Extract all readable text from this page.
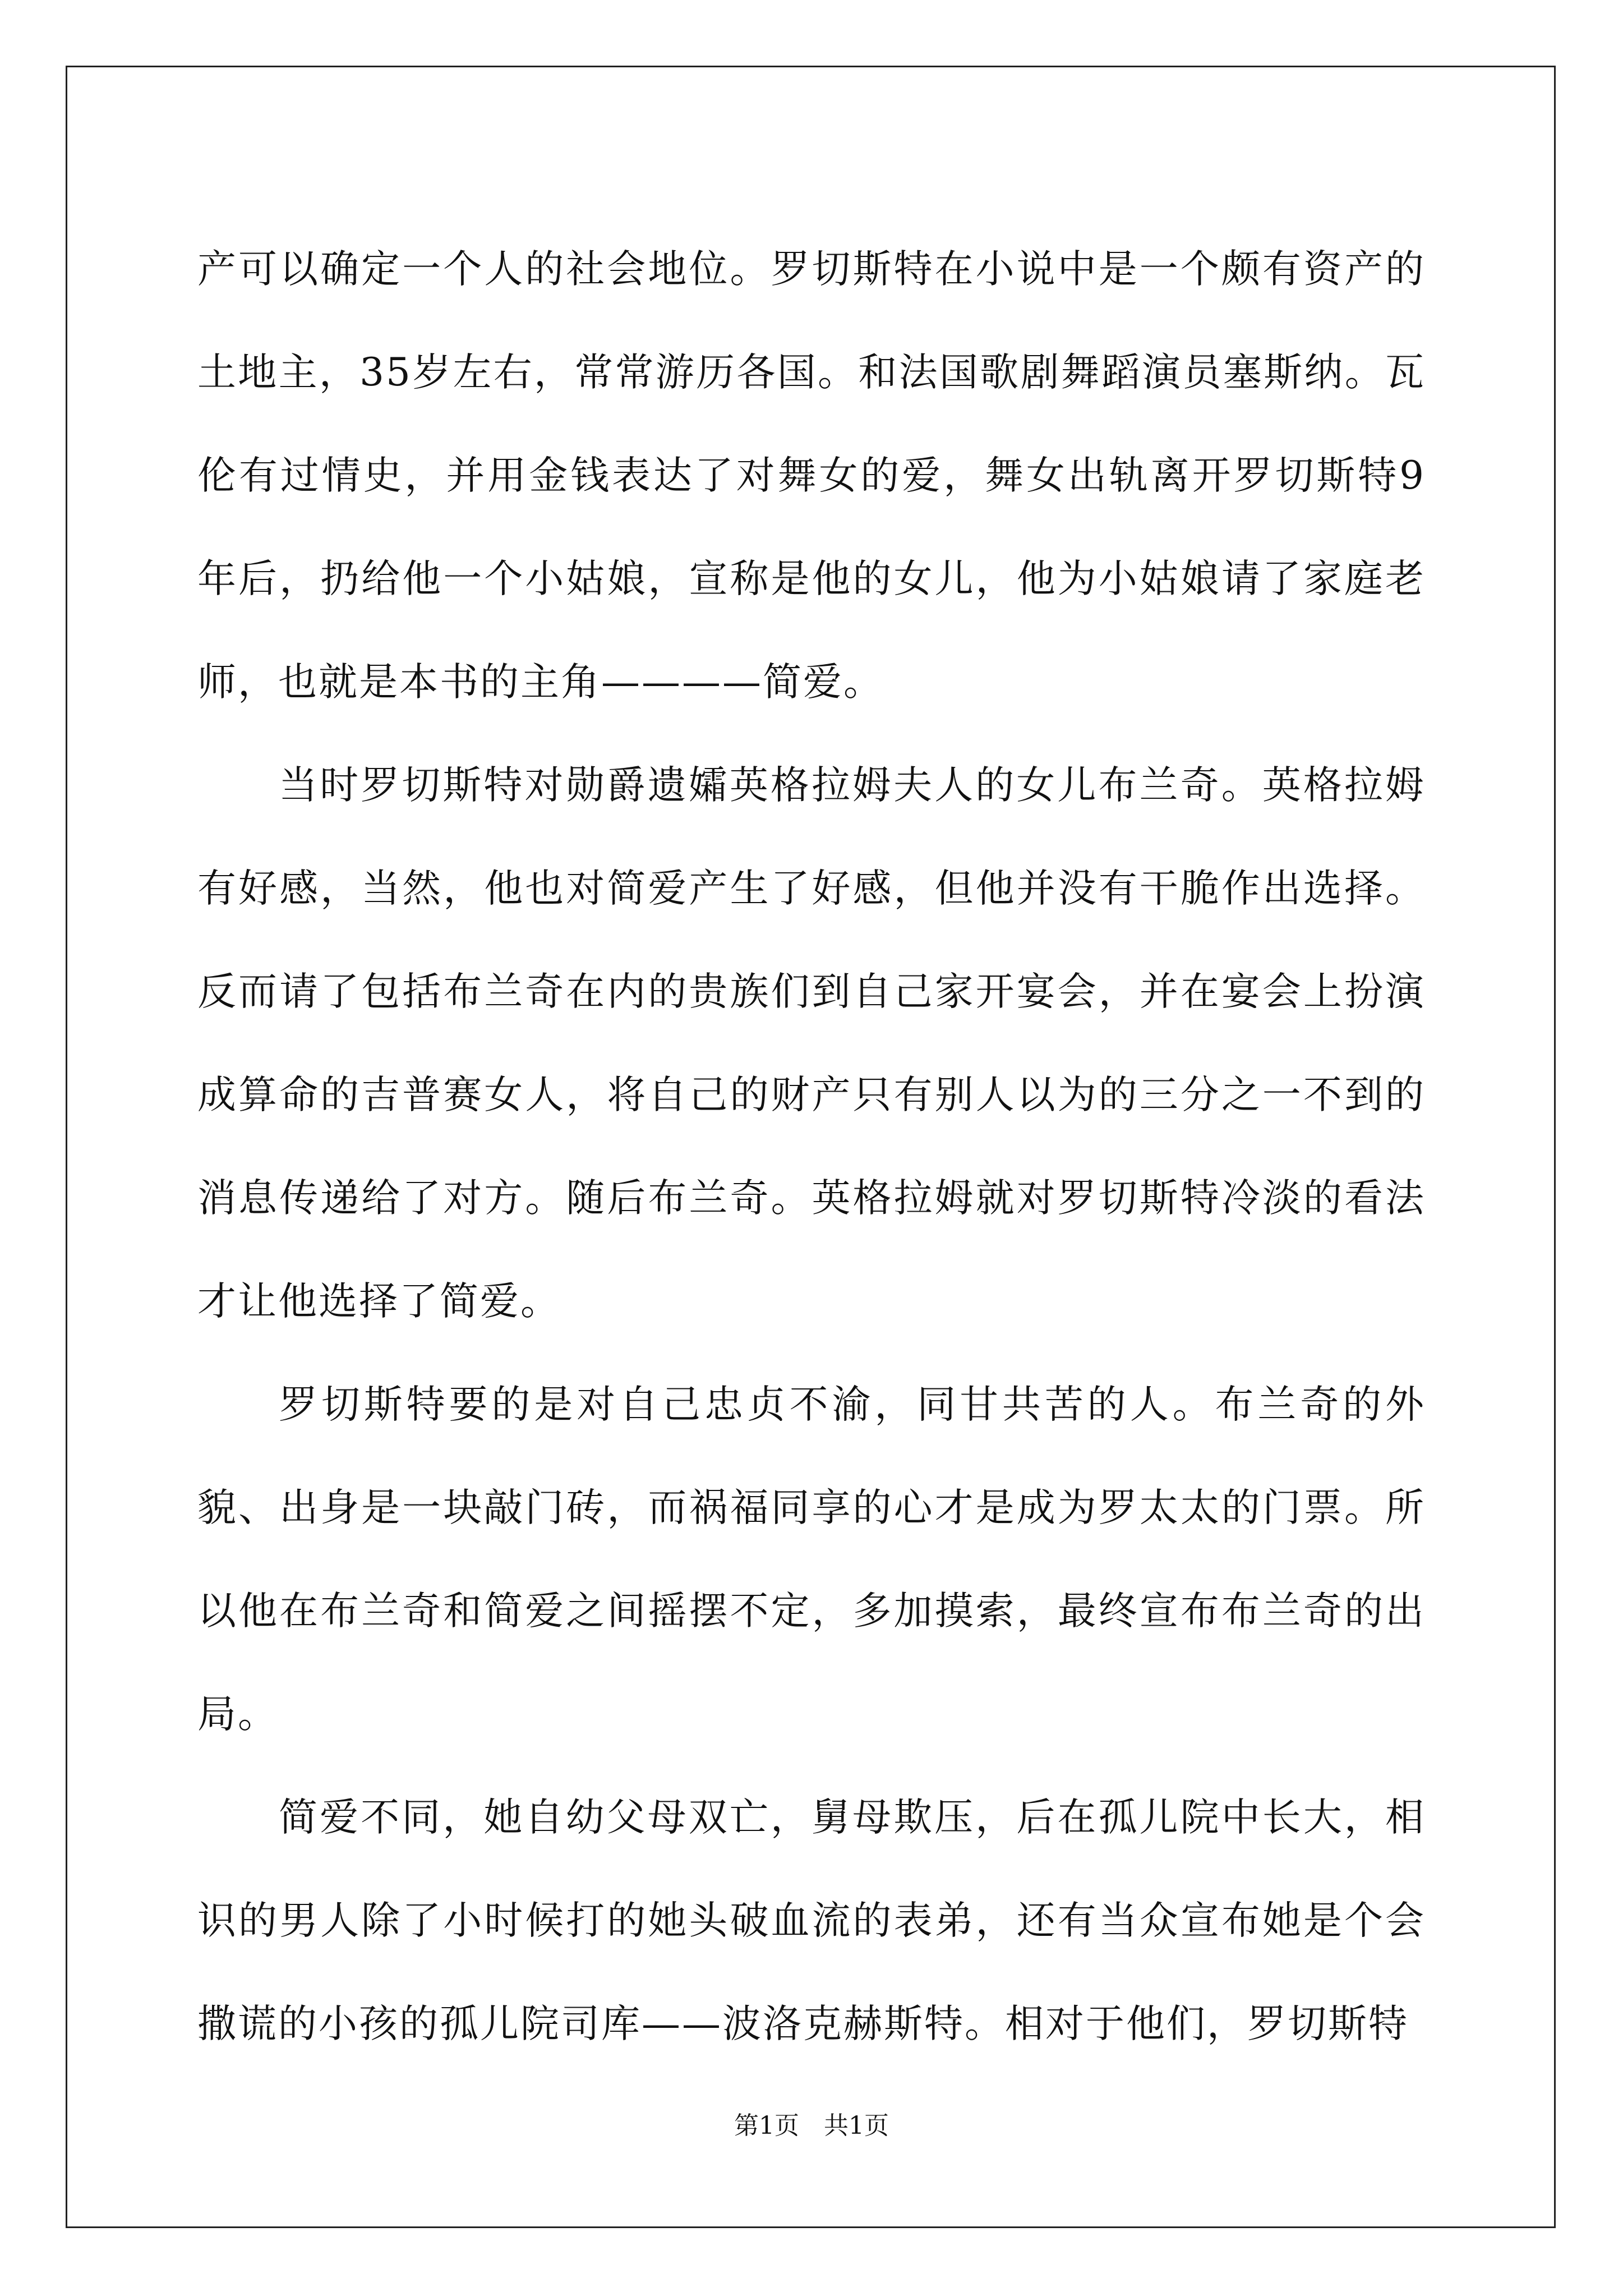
产可以确定一个人的社会地位。罗切斯特在小说中是一个颇有资产的土地主，35岁左右，常常游历各国。和法国歌剧舞蹈演员塞斯纳。瓦伦有过情史，并用金钱表达了对舞女的爱，舞女出轨离开罗切斯特9年后，扔给他一个小姑娘，宣称是他的女儿，他为小姑娘请了家庭老师，也就是本书的主角————简爱。

当时罗切斯特对勋爵遗孀英格拉姆夫人的女儿布兰奇。英格拉姆有好感，当然，他也对简爱产生了好感，但他并没有干脆作出选择。反而请了包括布兰奇在内的贵族们到自己家开宴会，并在宴会上扮演成算命的吉普赛女人，将自己的财产只有别人以为的三分之一不到的消息传递给了对方。随后布兰奇。英格拉姆就对罗切斯特冷淡的看法才让他选择了简爱。

罗切斯特要的是对自己忠贞不渝，同甘共苦的人。布兰奇的外貌、出身是一块敲门砖，而祸福同享的心才是成为罗太太的门票。所以他在布兰奇和简爱之间摇摆不定，多加摸索，最终宣布布兰奇的出局。

简爱不同，她自幼父母双亡，舅母欺压，后在孤儿院中长大，相识的男人除了小时候打的她头破血流的表弟，还有当众宣布她是个会撒谎的小孩的孤儿院司库——波洛克赫斯特。相对于他们，罗切斯特

第1页　共1页
